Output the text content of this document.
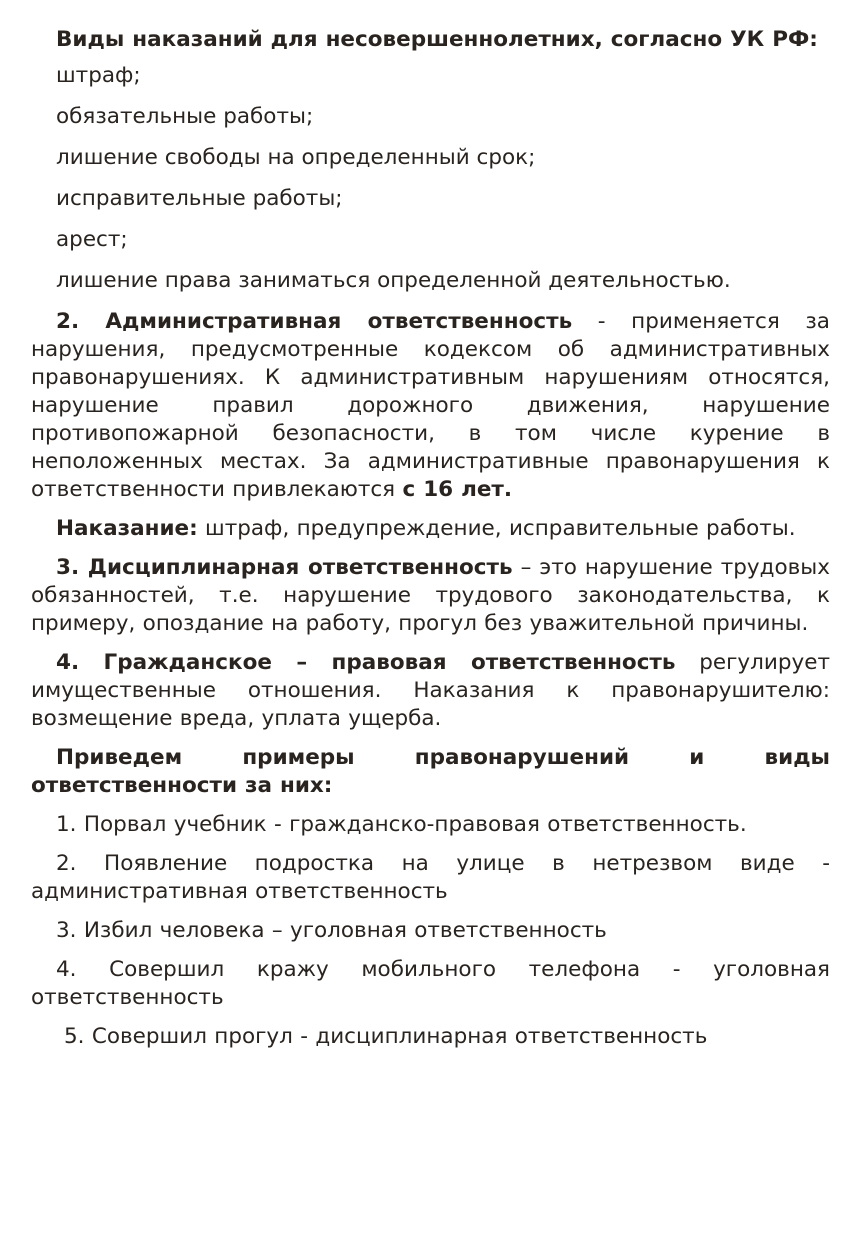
Виды наказаний для несовершеннолетних, согласно УК РФ:

штраф;
обязательные работы;
лишение свободы на определенный срок;
исправительные работы;
арест;
лишение права заниматься определенной деятельностью.

2. Административная ответственность - применяется за нарушения, предусмотренные кодексом об административных правонарушениях. К административным нарушениям относятся, нарушение правил дорожного движения, нарушение противопожарной безопасности, в том числе курение в неположенных местах. За административные правонарушения к ответственности привлекаются с 16 лет.

Наказание: штраф, предупреждение, исправительные работы.

3. Дисциплинарная ответственность – это нарушение трудовых обязанностей, т.е. нарушение трудового законодательства, к примеру, опоздание на работу, прогул без уважительной причины.

4. Гражданское – правовая ответственность регулирует имущественные отношения. Наказания к правонарушителю: возмещение вреда, уплата ущерба.

Приведем примеры правонарушений и виды ответственности за них:

1. Порвал учебник - гражданско-правовая ответственность.

2. Появление подростка на улице в нетрезвом виде - административная ответственность

3. Избил человека – уголовная ответственность

4. Совершил кражу мобильного телефона - уголовная ответственность

5. Совершил прогул - дисциплинарная ответственность
